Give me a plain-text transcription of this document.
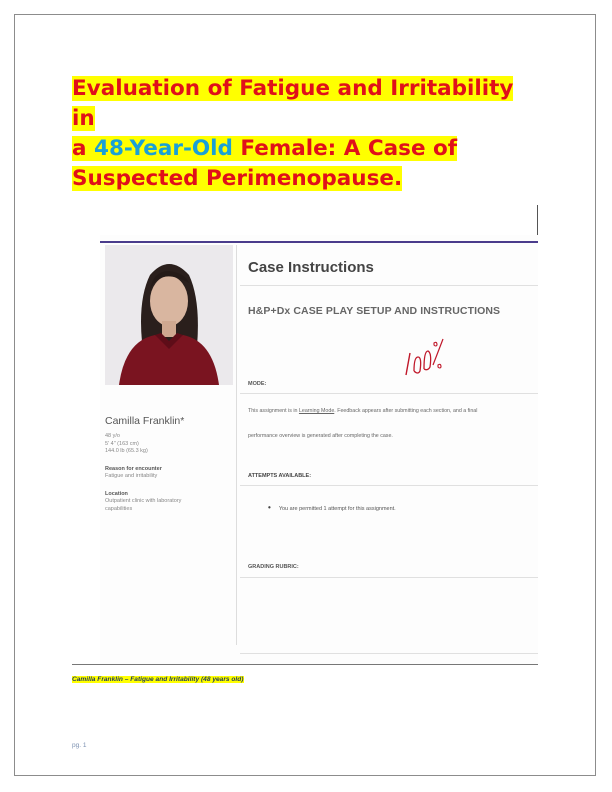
Evaluation of Fatigue and Irritability in
a 48-Year-Old Female: A Case of
Suspected Perimenopause.
Camilla Franklin*
48 y/o
5' 4" (163 cm)
144.0 lb (65.3 kg)
Reason for encounter
Fatigue and irritability
Location
Outpatient clinic with laboratory capabilities
Case Instructions
H&P+Dx CASE PLAY SETUP AND INSTRUCTIONS
MODE:
This assignment is in Learning Mode. Feedback appears after submitting each section, and a final
performance overview is generated after completing the case.
ATTEMPTS AVAILABLE:
• You are permitted 1 attempt for this assignment.
GRADING RUBRIC:
Camilla Franklin – Fatigue and Irritability (48 years old)
pg. 1
